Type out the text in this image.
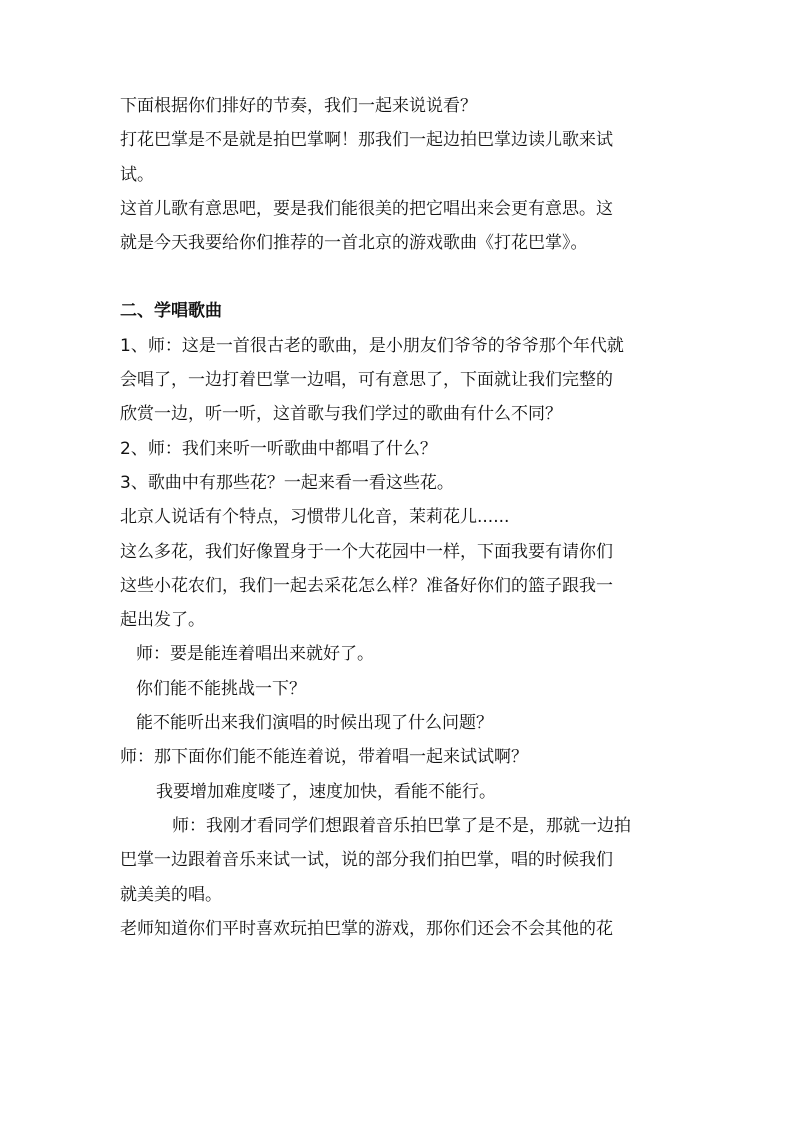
下面根据你们排好的节奏，我们一起来说说看？
打花巴掌是不是就是拍巴掌啊！那我们一起边拍巴掌边读儿歌来试
试。
这首儿歌有意思吧，要是我们能很美的把它唱出来会更有意思。这
就是今天我要给你们推荐的一首北京的游戏歌曲《打花巴掌》。
二、学唱歌曲
1、师：这是一首很古老的歌曲，是小朋友们爷爷的爷爷那个年代就
会唱了，一边打着巴掌一边唱，可有意思了，下面就让我们完整的
欣赏一边，听一听，这首歌与我们学过的歌曲有什么不同？
2、师：我们来听一听歌曲中都唱了什么？
3、歌曲中有那些花？一起来看一看这些花。
北京人说话有个特点，习惯带儿化音，茉莉花儿......
这么多花，我们好像置身于一个大花园中一样，下面我要有请你们
这些小花农们，我们一起去采花怎么样？准备好你们的篮子跟我一
起出发了。
师：要是能连着唱出来就好了。
你们能不能挑战一下？
能不能听出来我们演唱的时候出现了什么问题？
师：那下面你们能不能连着说，带着唱一起来试试啊？
我要增加难度喽了，速度加快，看能不能行。
师：我刚才看同学们想跟着音乐拍巴掌了是不是，那就一边拍
巴掌一边跟着音乐来试一试，说的部分我们拍巴掌，唱的时候我们
就美美的唱。
老师知道你们平时喜欢玩拍巴掌的游戏，那你们还会不会其他的花
